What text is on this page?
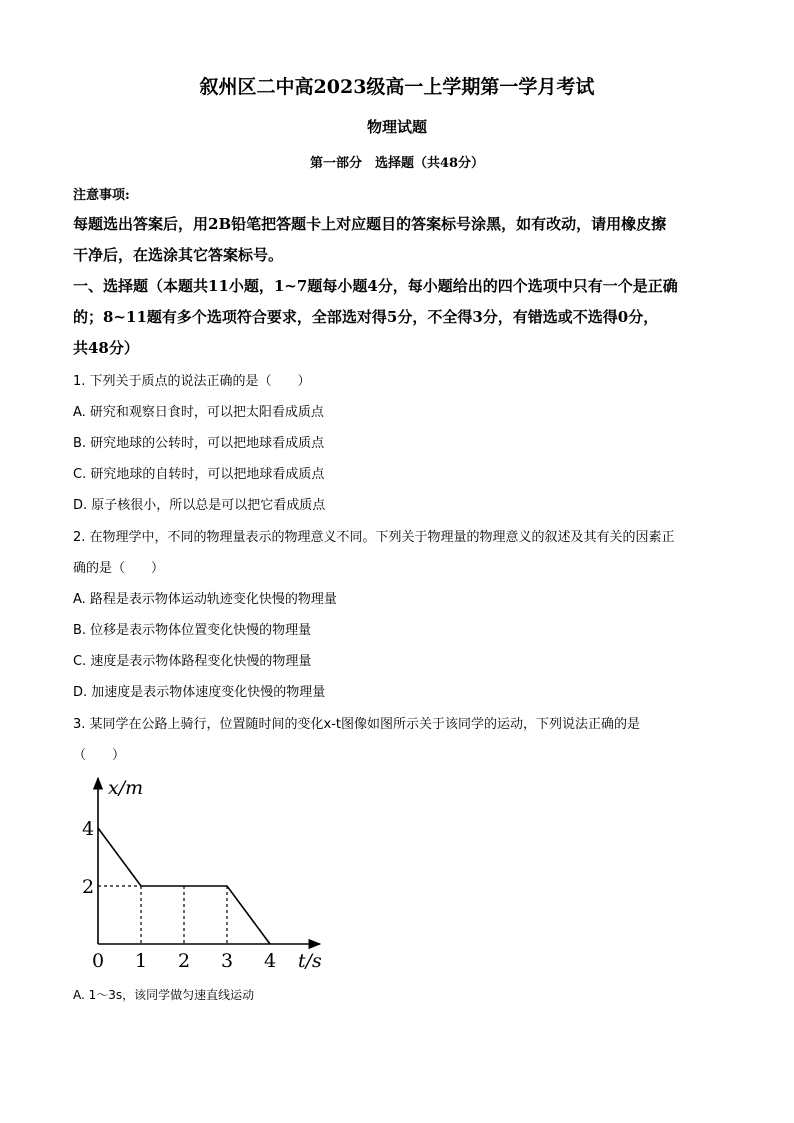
叙州区二中高2023级高一上学期第一学月考试
物理试题
第一部分　选择题（共48分）
注意事项:
每题选出答案后，用2B铅笔把答题卡上对应题目的答案标号涂黑，如有改动，请用橡皮擦
干净后，在选涂其它答案标号。
一、选择题（本题共11小题，1~7题每小题4分，每小题给出的四个选项中只有一个是正确
的；8~11题有多个选项符合要求，全部选对得5分，不全得3分，有错选或不选得0分，
共48分）
1. 下列关于质点的说法正确的是（　　）
A. 研究和观察日食时，可以把太阳看成质点
B. 研究地球的公转时，可以把地球看成质点
C. 研究地球的自转时，可以把地球看成质点
D. 原子核很小，所以总是可以把它看成质点
2. 在物理学中，不同的物理量表示的物理意义不同。下列关于物理量的物理意义的叙述及其有关的因素正
确的是（　　）
A. 路程是表示物体运动轨迹变化快慢的物理量
B. 位移是表示物体位置变化快慢的物理量
C. 速度是表示物体路程变化快慢的物理量
D. 加速度是表示物体速度变化快慢的物理量
3. 某同学在公路上骑行，位置随时间的变化x-t图像如图所示关于该同学的运动，下列说法正确的是
（　　）
0 1 2 3 4
2
4
x/m
t/s
A. 1～3s，该同学做匀速直线运动
